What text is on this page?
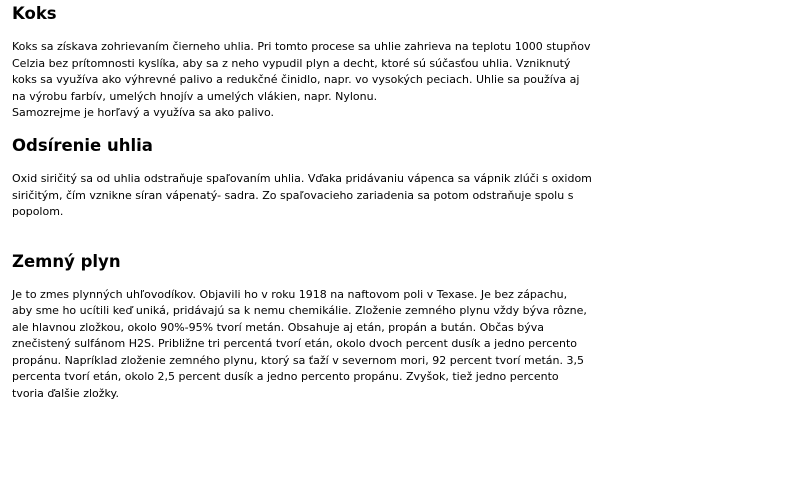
Koks

Koks sa získava zohrievaním čierneho uhlia. Pri tomto procese sa uhlie zahrieva na teplotu 1000 stupňov
Celzia bez prítomnosti kyslíka, aby sa z neho vypudil plyn a decht, ktoré sú súčasťou uhlia. Vzniknutý
koks sa využíva ako výhrevné palivo a redukčné činidlo, napr. vo vysokých peciach. Uhlie sa používa aj
na výrobu farbív, umelých hnojív a umelých vlákien, napr. Nylonu.
Samozrejme je horľavý a využíva sa ako palivo.

Odsírenie uhlia

Oxid siričitý sa od uhlia odstraňuje spaľovaním uhlia. Vďaka pridávaniu vápenca sa vápnik zlúči s oxidom
siričitým, čím vznikne síran vápenatý- sadra. Zo spaľovacieho zariadenia sa potom odstraňuje spolu s
popolom.

Zemný plyn

Je to zmes plynných uhľovodíkov. Objavili ho v roku 1918 na naftovom poli v Texase. Je bez zápachu,
aby sme ho ucítili keď uniká, pridávajú sa k nemu chemikálie. Zloženie zemného plynu vždy býva rôzne,
ale hlavnou zložkou, okolo 90%-95% tvorí metán. Obsahuje aj etán, propán a bután. Občas býva
znečistený sulfánom H2S. Približne tri percentá tvorí etán, okolo dvoch percent dusík a jedno percento
propánu. Napríklad zloženie zemného plynu, ktorý sa ťaží v severnom mori, 92 percent tvorí metán. 3,5
percenta tvorí etán, okolo 2,5 percent dusík a jedno percento propánu. Zvyšok, tiež jedno percento
tvoria ďalšie zložky.
